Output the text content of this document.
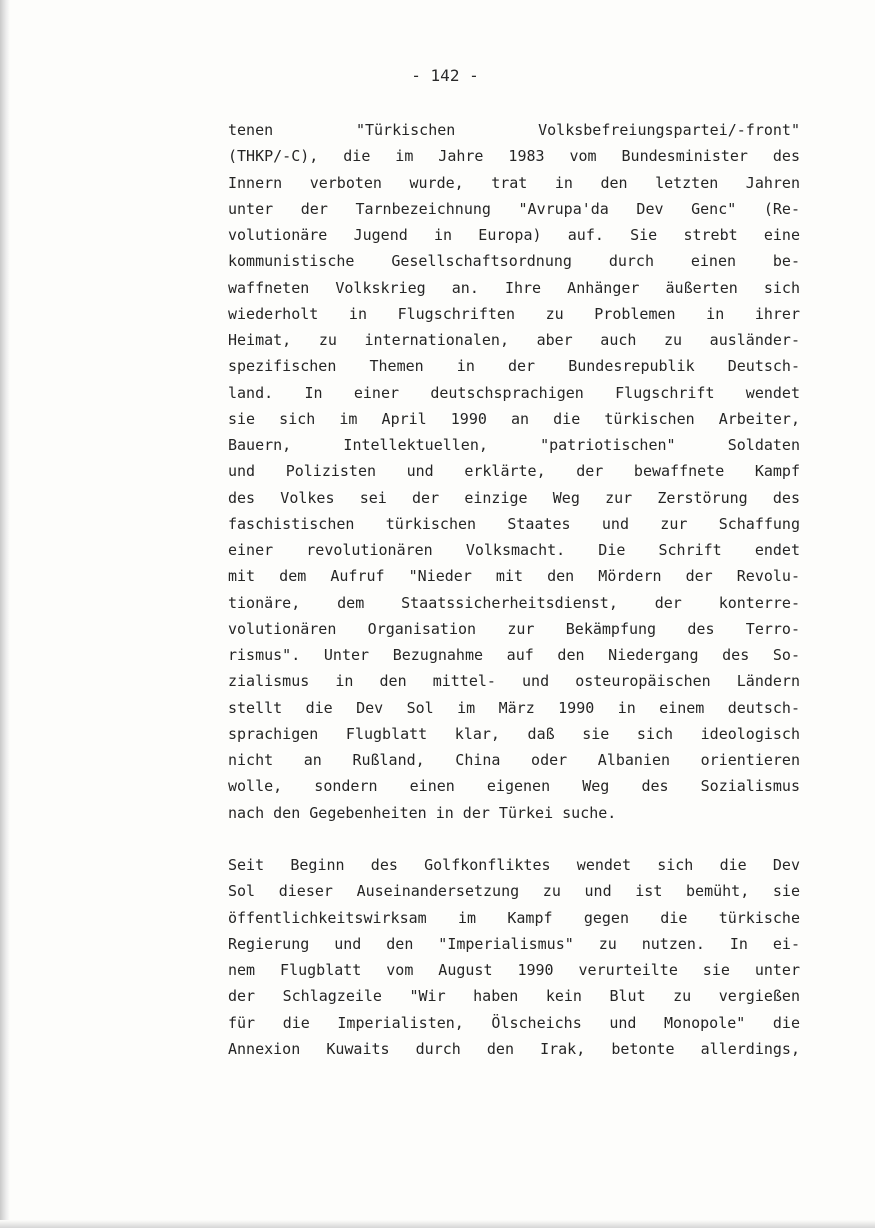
- 142 -

tenen "Türkischen Volksbefreiungspartei/-front"
(THKP/-C), die im Jahre 1983 vom Bundesminister des
Innern verboten wurde, trat in den letzten Jahren
unter der Tarnbezeichnung "Avrupa'da Dev Genc" (Re-
volutionäre Jugend in Europa) auf. Sie strebt eine
kommunistische Gesellschaftsordnung durch einen be-
waffneten Volkskrieg an. Ihre Anhänger äußerten sich
wiederholt in Flugschriften zu Problemen in ihrer
Heimat, zu internationalen, aber auch zu ausländer-
spezifischen Themen in der Bundesrepublik Deutsch-
land. In einer deutschsprachigen Flugschrift wendet
sie sich im April 1990 an die türkischen Arbeiter,
Bauern, Intellektuellen, "patriotischen" Soldaten
und Polizisten und erklärte, der bewaffnete Kampf
des Volkes sei der einzige Weg zur Zerstörung des
faschistischen türkischen Staates und zur Schaffung
einer revolutionären Volksmacht. Die Schrift endet
mit dem Aufruf "Nieder mit den Mördern der Revolu-
tionäre, dem Staatssicherheitsdienst, der konterre-
volutionären Organisation zur Bekämpfung des Terro-
rismus". Unter Bezugnahme auf den Niedergang des So-
zialismus in den mittel- und osteuropäischen Ländern
stellt die Dev Sol im März 1990 in einem deutsch-
sprachigen Flugblatt klar, daß sie sich ideologisch
nicht an Rußland, China oder Albanien orientieren
wolle, sondern einen eigenen Weg des Sozialismus
nach den Gegebenheiten in der Türkei suche.

Seit Beginn des Golfkonfliktes wendet sich die Dev
Sol dieser Auseinandersetzung zu und ist bemüht, sie
öffentlichkeitswirksam im Kampf gegen die türkische
Regierung und den "Imperialismus" zu nutzen. In ei-
nem Flugblatt vom August 1990 verurteilte sie unter
der Schlagzeile "Wir haben kein Blut zu vergießen
für die Imperialisten, Ölscheichs und Monopole" die
Annexion Kuwaits durch den Irak, betonte allerdings,
